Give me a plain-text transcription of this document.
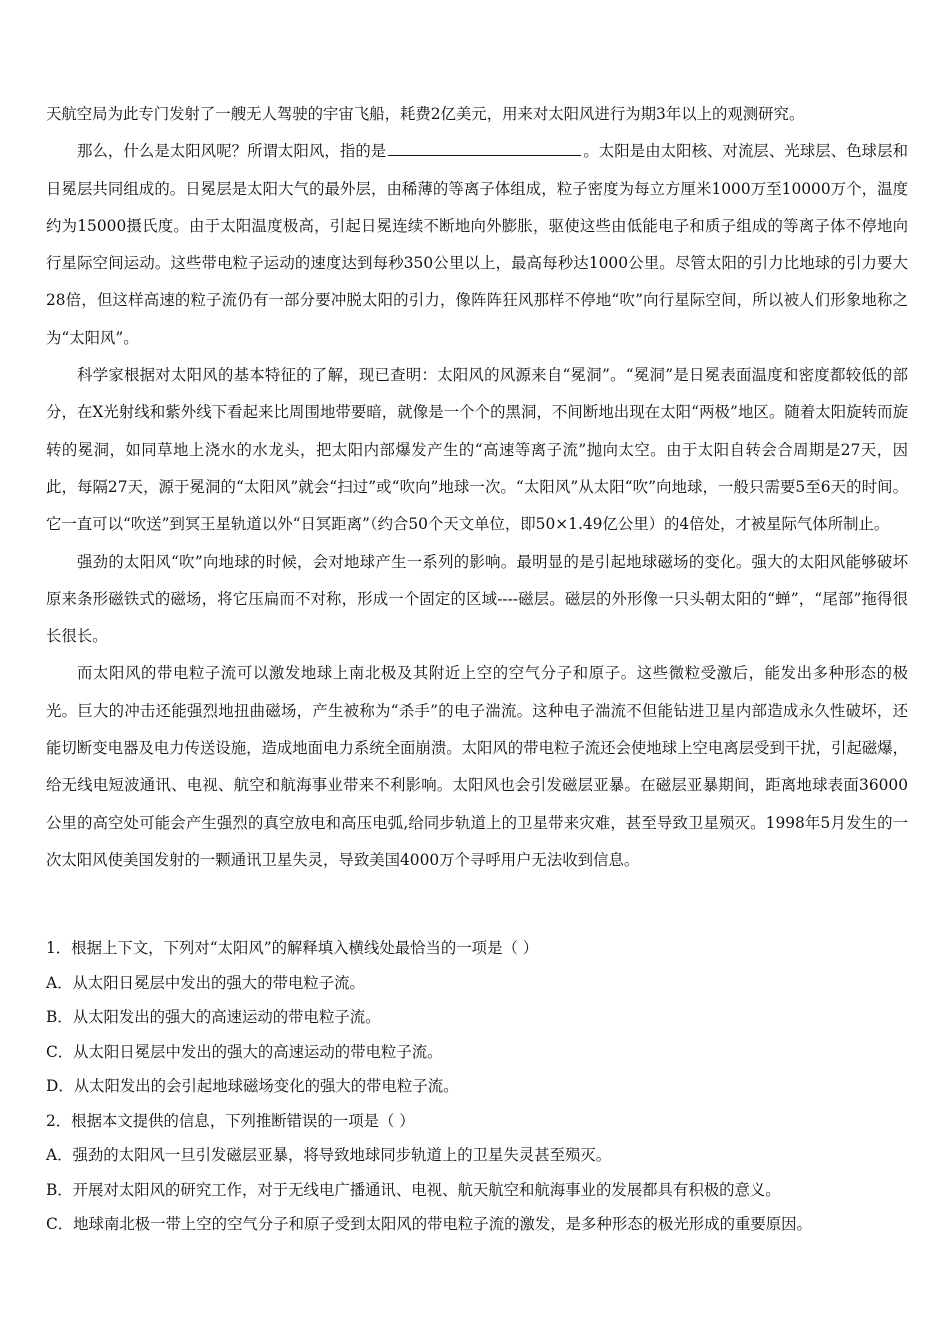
天航空局为此专门发射了一艘无人驾驶的宇宙飞船，耗费2亿美元，用来对太阳风进行为期3年以上的观测研究。

那么，什么是太阳风呢？所谓太阳风，指的是	。太阳是由太阳核、对流层、光球层、色球层和日冕层共同组成的。日冕层是太阳大气的最外层，由稀薄的等离子体组成，粒子密度为每立方厘米1000万至10000万个，温度约为15000摄氏度。由于太阳温度极高，引起日冕连续不断地向外膨胀，驱使这些由低能电子和质子组成的等离子体不停地向行星际空间运动。这些带电粒子运动的速度达到每秒350公里以上，最高每秒达1000公里。尽管太阳的引力比地球的引力要大28倍，但这样高速的粒子流仍有一部分要冲脱太阳的引力，像阵阵狂风那样不停地“吹”向行星际空间，所以被人们形象地称之为“太阳风”。

科学家根据对太阳风的基本特征的了解，现已查明：太阳风的风源来自“冕洞”。“冕洞”是日冕表面温度和密度都较低的部分，在X光射线和紫外线下看起来比周围地带要暗，就像是一个个的黑洞，不间断地出现在太阳“两极”地区。随着太阳旋转而旋转的冕洞，如同草地上浇水的水龙头，把太阳内部爆发产生的“高速等离子流”抛向太空。由于太阳自转会合周期是27天，因此，每隔27天，源于冕洞的“太阳风”就会“扫过”或“吹向”地球一次。“太阳风”从太阳“吹”向地球，一般只需要5至6天的时间。它一直可以“吹送”到冥王星轨道以外“日冥距离”（约合50个天文单位，即50×1.49亿公里）的4倍处，才被星际气体所制止。

强劲的太阳风“吹”向地球的时候，会对地球产生一系列的影响。最明显的是引起地球磁场的变化。强大的太阳风能够破坏原来条形磁铁式的磁场，将它压扁而不对称，形成一个固定的区域----磁层。磁层的外形像一只头朝太阳的“蝉”，“尾部”拖得很长很长。

而太阳风的带电粒子流可以激发地球上南北极及其附近上空的空气分子和原子。这些微粒受激后，能发出多种形态的极光。巨大的冲击还能强烈地扭曲磁场，产生被称为“杀手”的电子湍流。这种电子湍流不但能钻进卫星内部造成永久性破坏，还能切断变电器及电力传送设施，造成地面电力系统全面崩溃。太阳风的带电粒子流还会使地球上空电离层受到干扰，引起磁爆，给无线电短波通讯、电视、航空和航海事业带来不利影响。太阳风也会引发磁层亚暴。在磁层亚暴期间，距离地球表面36000公里的高空处可能会产生强烈的真空放电和高压电弧,给同步轨道上的卫星带来灾难，甚至导致卫星殒灭。1998年5月发生的一次太阳风使美国发射的一颗通讯卫星失灵，导致美国4000万个寻呼用户无法收到信息。

1．根据上下文，下列对“太阳风”的解释填入横线处最恰当的一项是（ ）

A．从太阳日冕层中发出的强大的带电粒子流。

B．从太阳发出的强大的高速运动的带电粒子流。

C．从太阳日冕层中发出的强大的高速运动的带电粒子流。

D．从太阳发出的会引起地球磁场变化的强大的带电粒子流。

2．根据本文提供的信息，下列推断错误的一项是（ ）

A．强劲的太阳风一旦引发磁层亚暴，将导致地球同步轨道上的卫星失灵甚至殒灭。

B．开展对太阳风的研究工作，对于无线电广播通讯、电视、航天航空和航海事业的发展都具有积极的意义。

C．地球南北极一带上空的空气分子和原子受到太阳风的带电粒子流的激发，是多种形态的极光形成的重要原因。
